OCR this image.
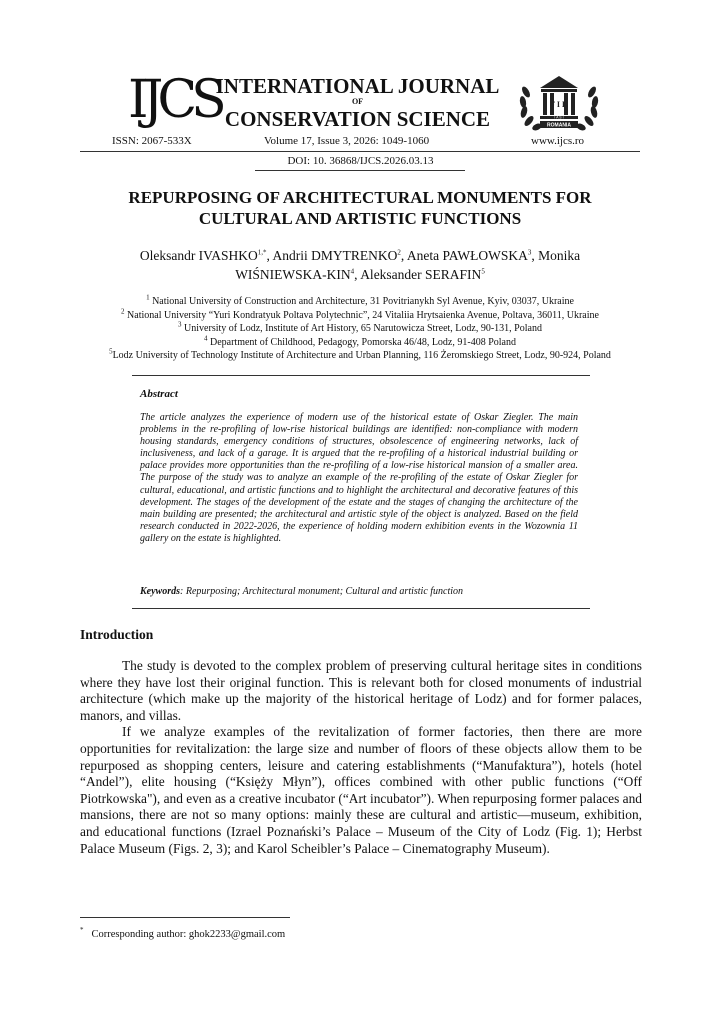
IJCS
INTERNATIONAL JOURNAL
OF
CONSERVATION SCIENCE
F I R
I A S I
ROMANIA
ISSN: 2067-533X	Volume 17, Issue 3, 2026: 1049-1060	www.ijcs.ro
DOI: 10. 36868/IJCS.2026.03.13
REPURPOSING OF ARCHITECTURAL MONUMENTS FOR
CULTURAL AND ARTISTIC FUNCTIONS
Oleksandr $IVASHKO^{1,*}$, Andrii DMYTRENKO$^2$, Aneta PAWŁOWSKA$^3$, Monika
WIŚNIEWSKA-KIN$^4$, Aleksander SERAFIN$^5$
$^1$ National University of Construction and Architecture, 31 Povitrianykh Syl Avenue, Kyiv, 03037, Ukraine
$^2$ National University “Yuri Kondratyuk Poltava Polytechnic”, 24 Vitaliia Hrytsaienka Avenue, Poltava, 36011, Ukraine
$^3$ University of Lodz, Institute of Art History, 65 Narutowicza Street, Lodz, 90-131, Poland
$^4$ Department of Childhood, Pedagogy, Pomorska 46/48, Lodz, 91-408 Poland
$^5$Lodz University of Technology Institute of Architecture and Urban Planning, 116 Żeromskiego Street, Lodz, 90-924, Poland
Abstract
The article analyzes the experience of modern use of the historical estate of Oskar Ziegler. The main problems in the re-profiling of low-rise historical buildings are identified: non-compliance with modern housing standards, emergency conditions of structures, obsolescence of engineering networks, lack of inclusiveness, and lack of a garage. It is argued that the re-profiling of a historical industrial building or palace provides more opportunities than the re-profiling of a low-rise historical mansion of a smaller area. The purpose of the study was to analyze an example of the re-profiling of the estate of Oskar Ziegler for cultural, educational, and artistic functions and to highlight the architectural and decorative features of this development. The stages of the development of the estate and the stages of changing the architecture of the main building are presented; the architectural and artistic style of the object is analyzed. Based on the field research conducted in 2022-2026, the experience of holding modern exhibition events in the Wozownia 11 gallery on the estate is highlighted.
Keywords: Repurposing; Architectural monument; Cultural and artistic function
Introduction

The study is devoted to the complex problem of preserving cultural heritage sites in conditions where they have lost their original function. This is relevant both for closed monuments of industrial architecture (which make up the majority of the historical heritage of Lodz) and for former palaces, manors, and villas.

If we analyze examples of the revitalization of former factories, then there are more opportunities for revitalization: the large size and number of floors of these objects allow them to be repurposed as shopping centers, leisure and catering establishments (“Manufaktura”), hotels (hotel “Andel”), elite housing (“Księży Młyn”), offices combined with other public functions (“Off Piotrkowska"), and even as a creative incubator (“Art incubator”). When repurposing former palaces and mansions, there are not so many options: mainly these are cultural and artistic—museum, exhibition, and educational functions (Izrael Poznański’s Palace – Museum of the City of Lodz (Fig. 1); Herbst Palace Museum (Figs. 2, 3); and Karol Scheibler’s Palace – Cinematography Museum).

* Corresponding author: ghok2233@gmail.com
